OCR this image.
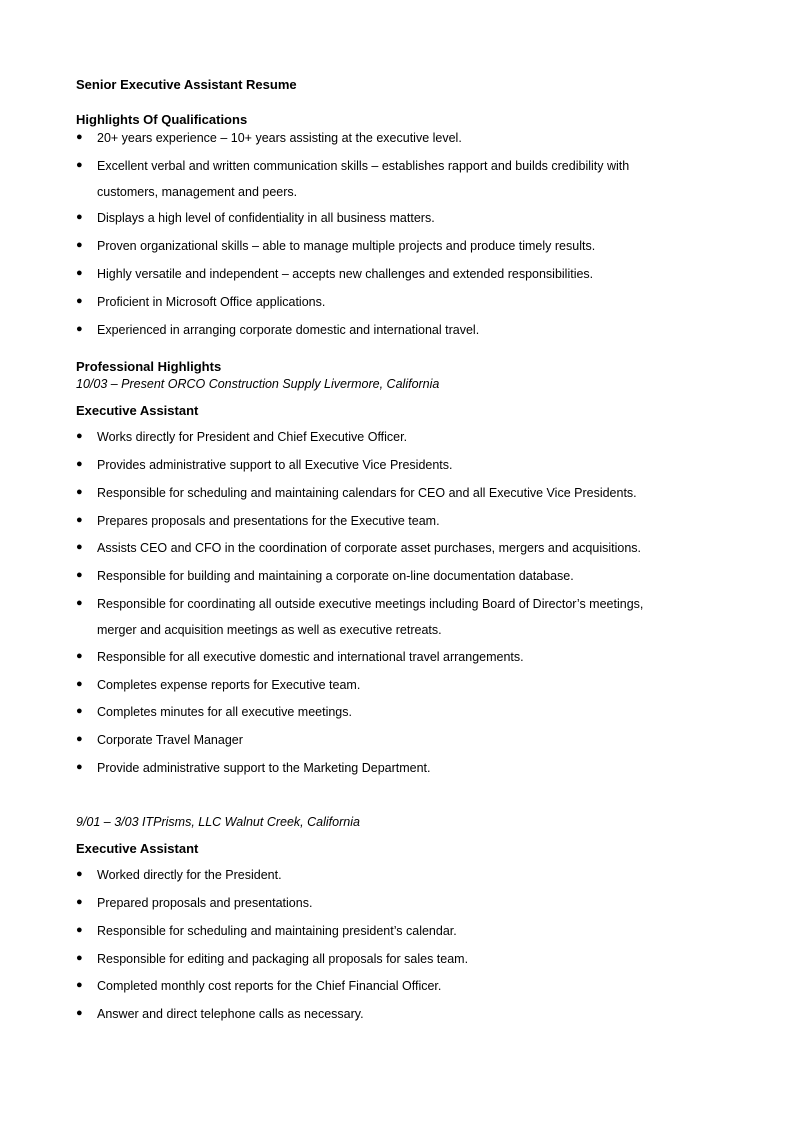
Senior Executive Assistant Resume
Highlights Of Qualifications
● 20+ years experience – 10+ years assisting at the executive level.
● Excellent verbal and written communication skills – establishes rapport and builds credibility with
customers, management and peers.
● Displays a high level of confidentiality in all business matters.
● Proven organizational skills – able to manage multiple projects and produce timely results.
● Highly versatile and independent – accepts new challenges and extended responsibilities.
● Proficient in Microsoft Office applications.
● Experienced in arranging corporate domestic and international travel.
Professional Highlights
10/03 – Present ORCO Construction Supply Livermore, California
Executive Assistant
● Works directly for President and Chief Executive Officer.
● Provides administrative support to all Executive Vice Presidents.
● Responsible for scheduling and maintaining calendars for CEO and all Executive Vice Presidents.
● Prepares proposals and presentations for the Executive team.
● Assists CEO and CFO in the coordination of corporate asset purchases, mergers and acquisitions.
● Responsible for building and maintaining a corporate on-line documentation database.
● Responsible for coordinating all outside executive meetings including Board of Director’s meetings,
merger and acquisition meetings as well as executive retreats.
● Responsible for all executive domestic and international travel arrangements.
● Completes expense reports for Executive team.
● Completes minutes for all executive meetings.
● Corporate Travel Manager
● Provide administrative support to the Marketing Department.
9/01 – 3/03 ITPrisms, LLC Walnut Creek, California
Executive Assistant
● Worked directly for the President.
● Prepared proposals and presentations.
● Responsible for scheduling and maintaining president’s calendar.
● Responsible for editing and packaging all proposals for sales team.
● Completed monthly cost reports for the Chief Financial Officer.
● Answer and direct telephone calls as necessary.
